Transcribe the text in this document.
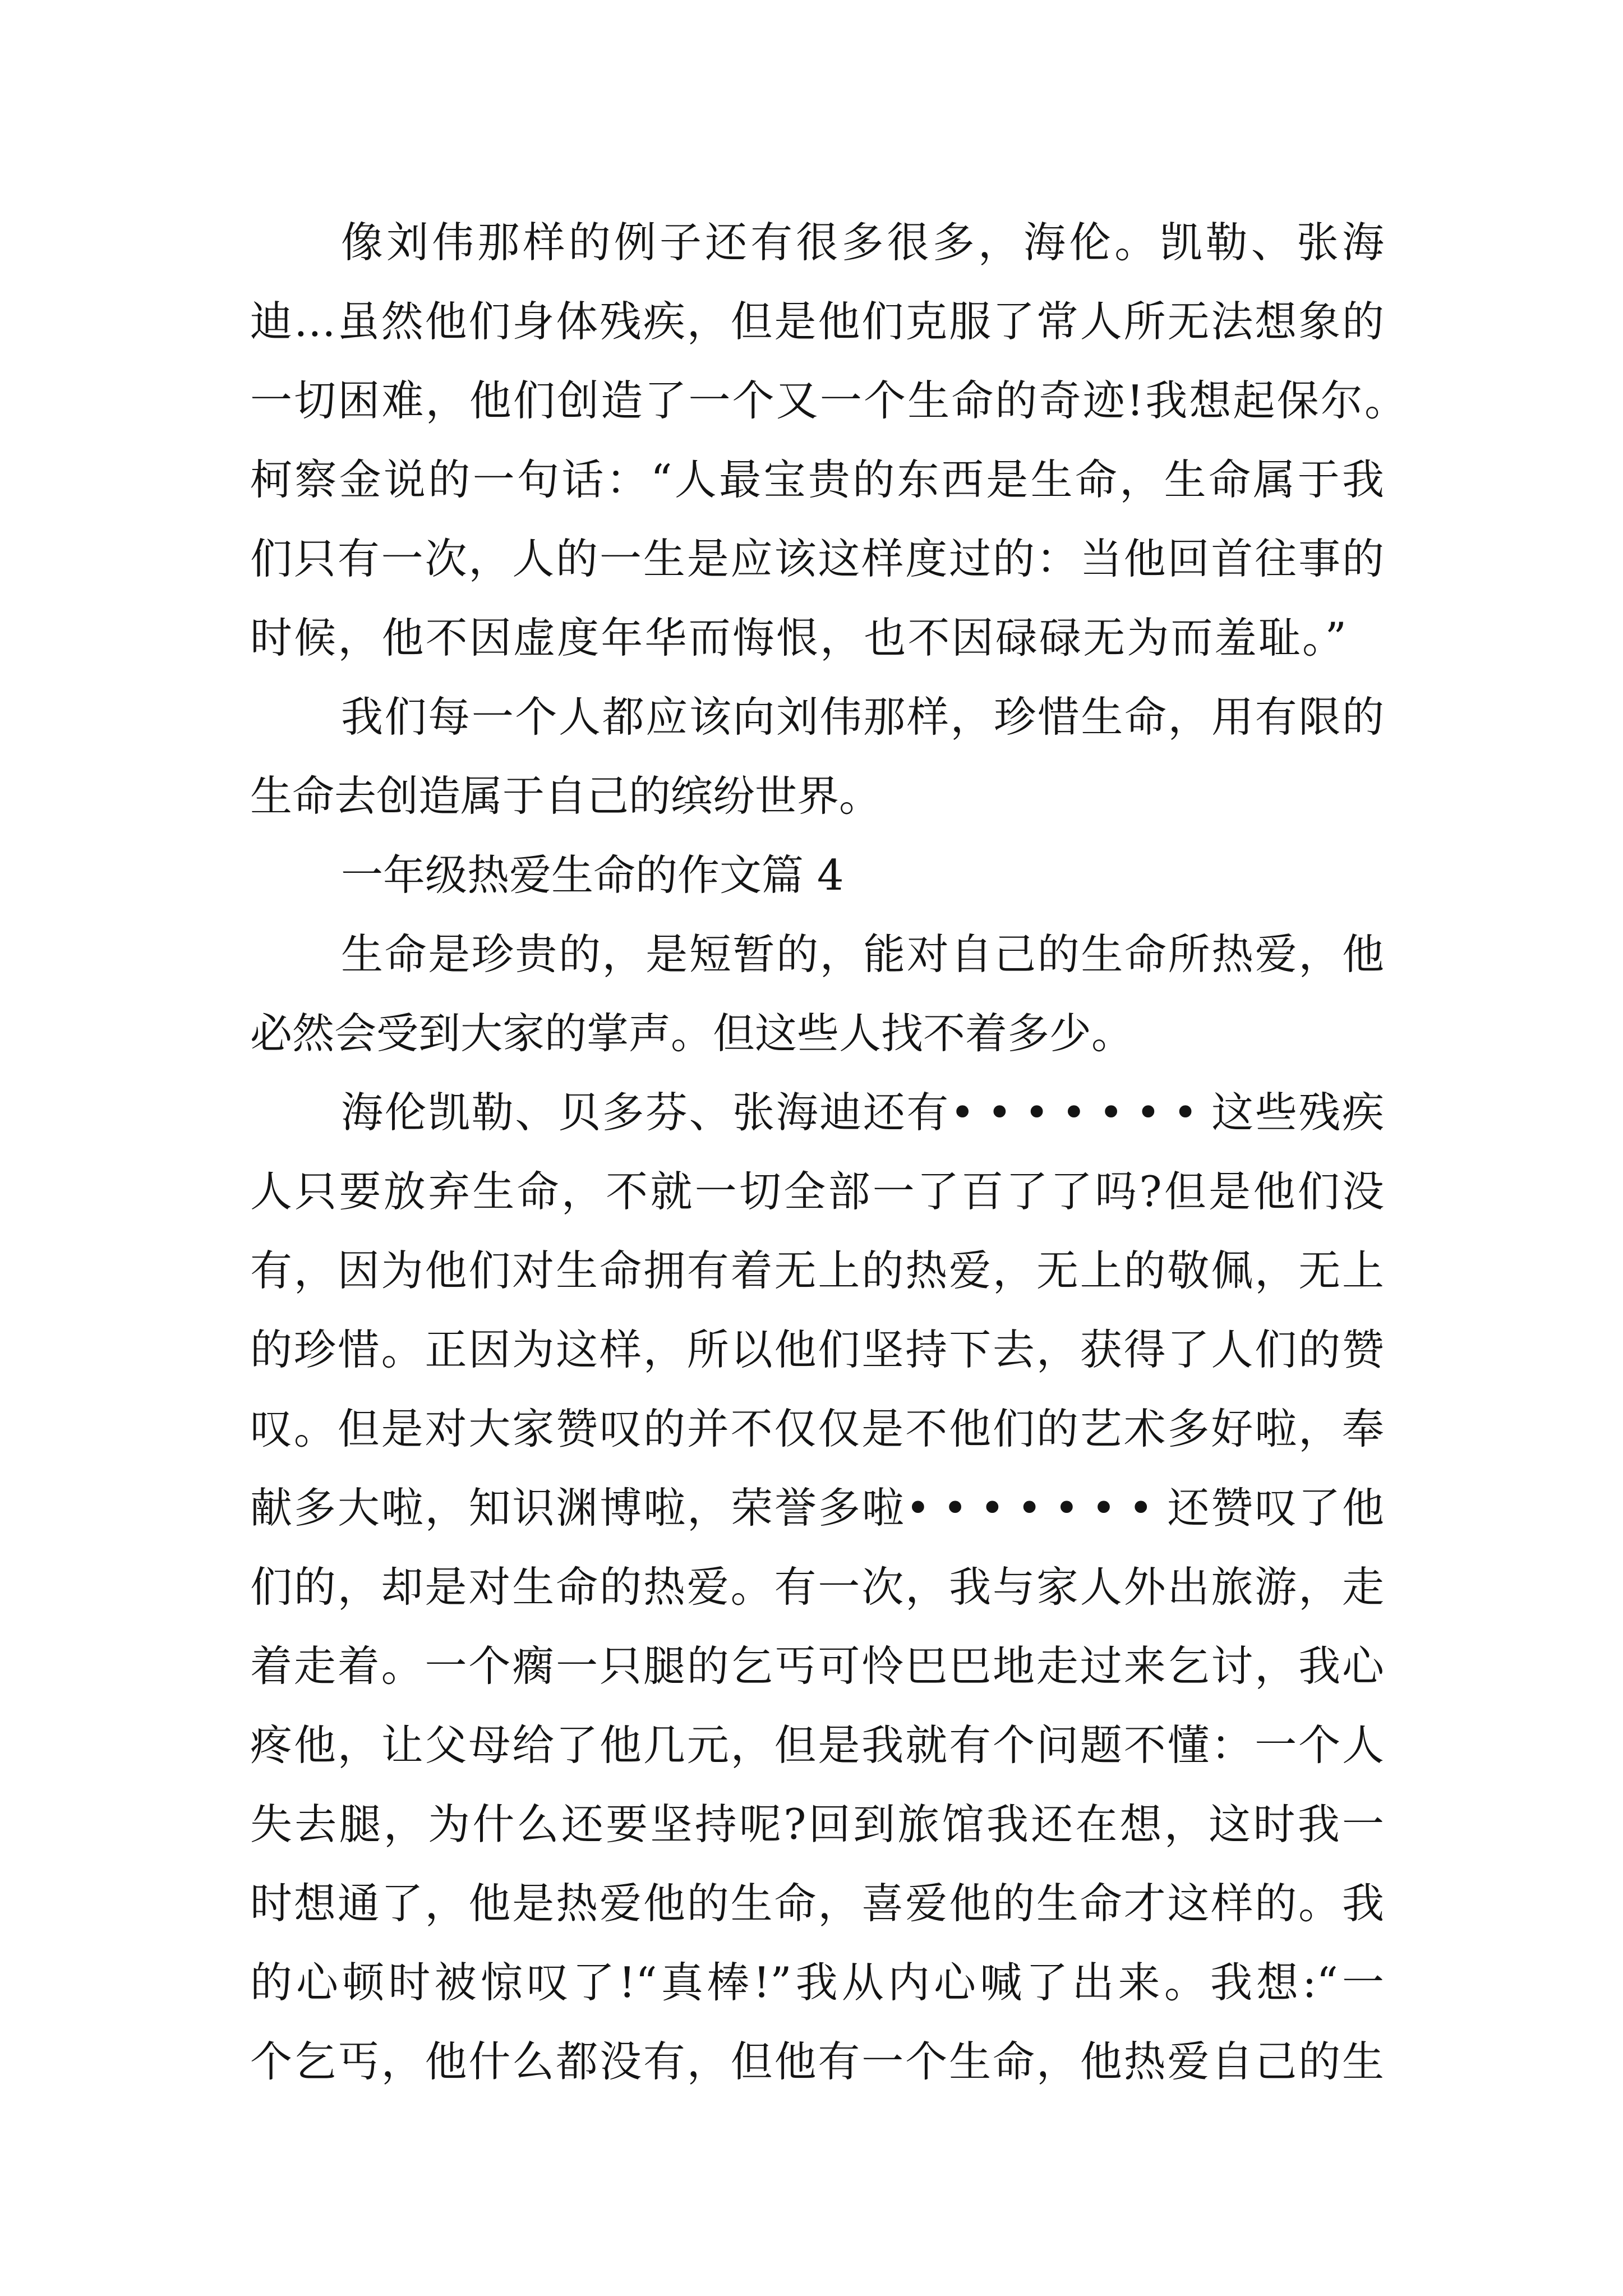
像刘伟那样的例子还有很多很多，海伦。凯勒、张海
迪…虽然他们身体残疾，但是他们克服了常人所无法想象的
一切困难，他们创造了一个又一个生命的奇迹!我想起保尔。
柯察金说的一句话：“人最宝贵的东西是生命，生命属于我
们只有一次，人的一生是应该这样度过的：当他回首往事的
时候，他不因虚度年华而悔恨，也不因碌碌无为而羞耻。”
我们每一个人都应该向刘伟那样，珍惜生命，用有限的
生命去创造属于自己的缤纷世界。
一年级热爱生命的作文篇 4
生命是珍贵的，是短暂的，能对自己的生命所热爱，他
必然会受到大家的掌声。但这些人找不着多少。
海伦凯勒、贝多芬、张海迪还有•••••••这些残疾
人只要放弃生命，不就一切全部一了百了了吗?但是他们没
有，因为他们对生命拥有着无上的热爱，无上的敬佩，无上
的珍惜。正因为这样，所以他们坚持下去，获得了人们的赞
叹。但是对大家赞叹的并不仅仅是不他们的艺术多好啦，奉
献多大啦，知识渊博啦，荣誉多啦•••••••还赞叹了他
们的，却是对生命的热爱。有一次，我与家人外出旅游，走
着走着。一个瘸一只腿的乞丐可怜巴巴地走过来乞讨，我心
疼他，让父母给了他几元，但是我就有个问题不懂：一个人
失去腿，为什么还要坚持呢?回到旅馆我还在想，这时我一
时想通了，他是热爱他的生命，喜爱他的生命才这样的。我
的心顿时被惊叹了!“真棒!”我从内心喊了出来。我想:“一
个乞丐，他什么都没有，但他有一个生命，他热爱自己的生
